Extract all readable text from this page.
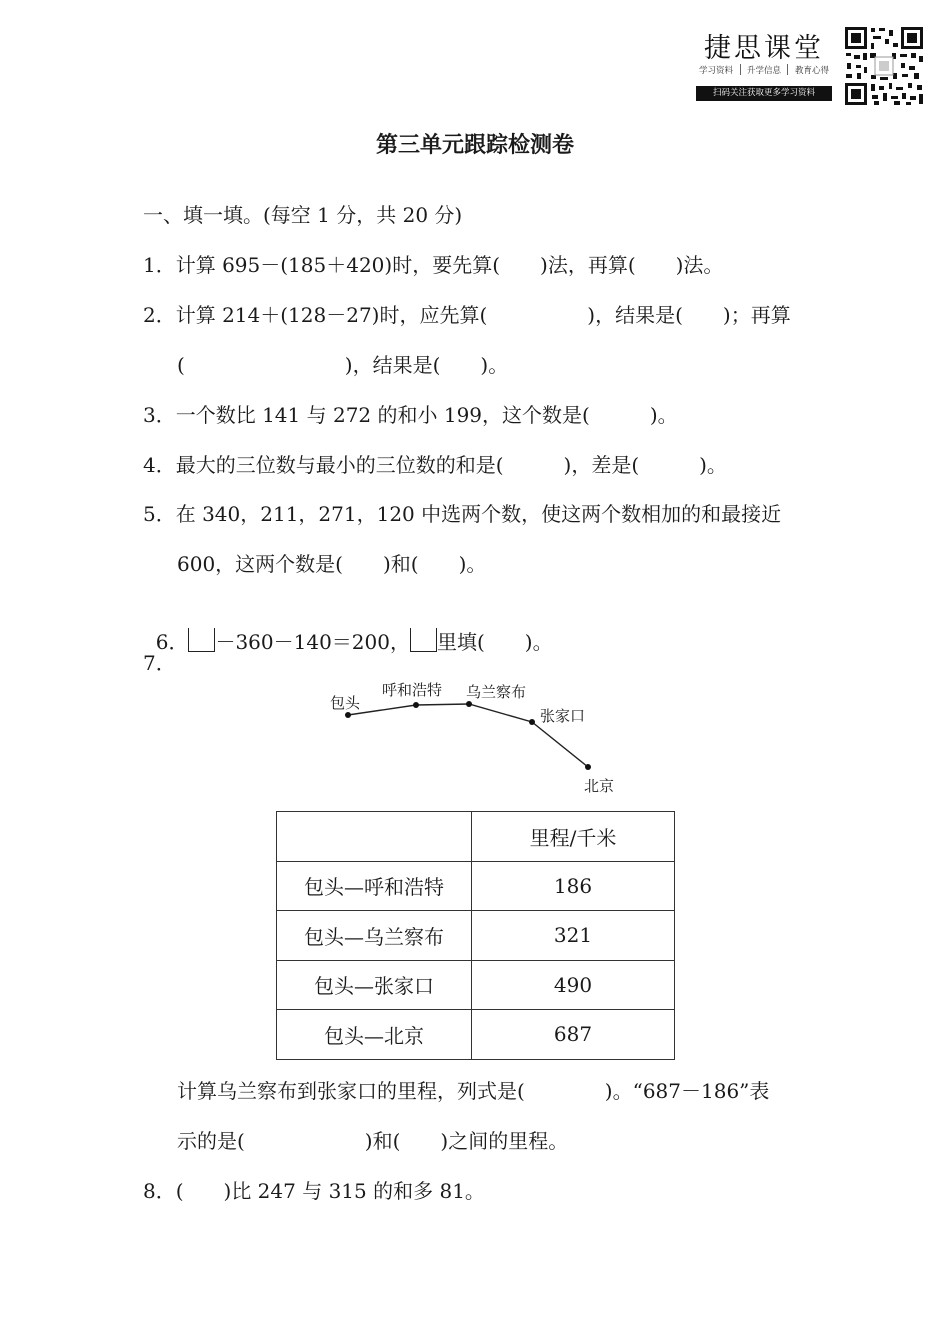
捷思课堂
学习资料 升学信息 教育心得
扫码关注获取更多学习资料
第三单元跟踪检测卷
一、填一填。(每空 1 分，共 20 分)
1．计算 695－(185＋420)时，要先算(　　)法，再算(　　)法。
2．计算 214＋(128－27)时，应先算(　　　　　)，结果是(　　)；再算
(　　　　　　　　)，结果是(　　)。
3．一个数比 141 与 272 的和小 199，这个数是(　　　)。
4．最大的三位数与最小的三位数的和是(　　　)，差是(　　　)。
5．在 340，211，271，120 中选两个数，使这两个数相加的和最接近
600，这两个数是(　　)和(　　)。

6． －360－140＝200， 里填(　　)。

7．
包头
呼和浩特 乌兰察布
张家口
北京
	里程/千米
包头—呼和浩特	186
包头—乌兰察布	321
包头—张家口	490
包头—北京	687
计算乌兰察布到张家口的里程，列式是(　　　　)。“687－186”表
示的是(　　　　　　)和(　　)之间的里程。
8．(　　)比 247 与 315 的和多 81。
